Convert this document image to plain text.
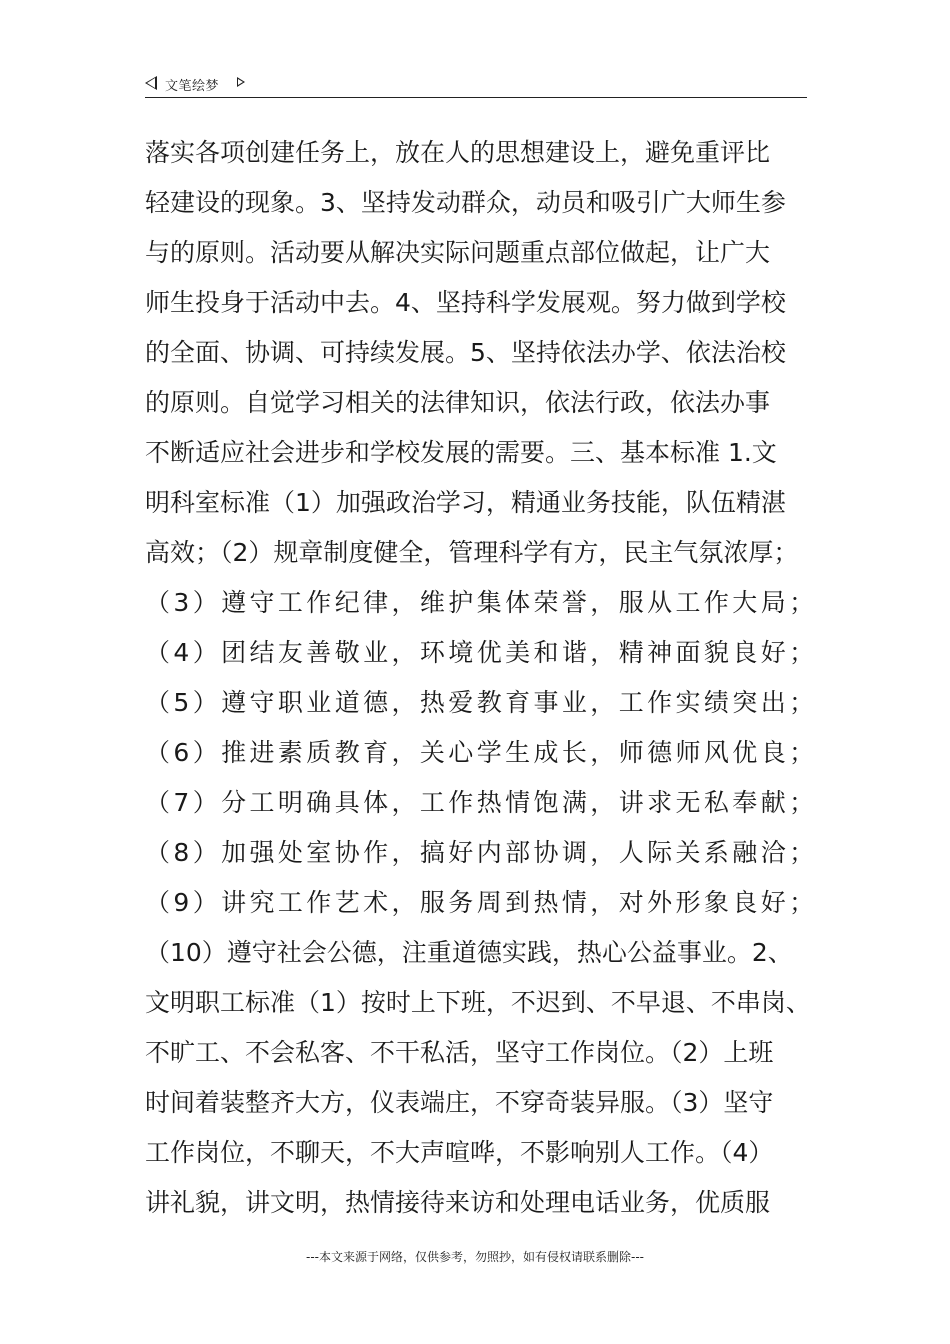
文笔绘梦
落实各项创建任务上，放在人的思想建设上，避免重评比
轻建设的现象。3、坚持发动群众，动员和吸引广大师生参
与的原则。活动要从解决实际问题重点部位做起，让广大
师生投身于活动中去。4、坚持科学发展观。努力做到学校
的全面、协调、可持续发展。5、坚持依法办学、依法治校
的原则。自觉学习相关的法律知识，依法行政，依法办事
不断适应社会进步和学校发展的需要。三、基本标准 1.文
明科室标准（1）加强政治学习，精通业务技能，队伍精湛
高效；（2）规章制度健全，管理科学有方，民主气氛浓厚；
（3）遵守工作纪律，维护集体荣誉，服从工作大局；
（4）团结友善敬业，环境优美和谐，精神面貌良好；
（5）遵守职业道德，热爱教育事业，工作实绩突出；
（6）推进素质教育，关心学生成长，师德师风优良；
（7）分工明确具体，工作热情饱满，讲求无私奉献；
（8）加强处室协作，搞好内部协调，人际关系融洽；
（9）讲究工作艺术，服务周到热情，对外形象良好；
（10）遵守社会公德，注重道德实践，热心公益事业。2、
文明职工标准（1）按时上下班，不迟到、不早退、不串岗、
不旷工、不会私客、不干私活，坚守工作岗位。（2）上班
时间着装整齐大方，仪表端庄，不穿奇装异服。（3）坚守
工作岗位，不聊天，不大声喧哗，不影响别人工作。（4）
讲礼貌，讲文明，热情接待来访和处理电话业务，优质服
---本文来源于网络，仅供参考，勿照抄，如有侵权请联系删除---
